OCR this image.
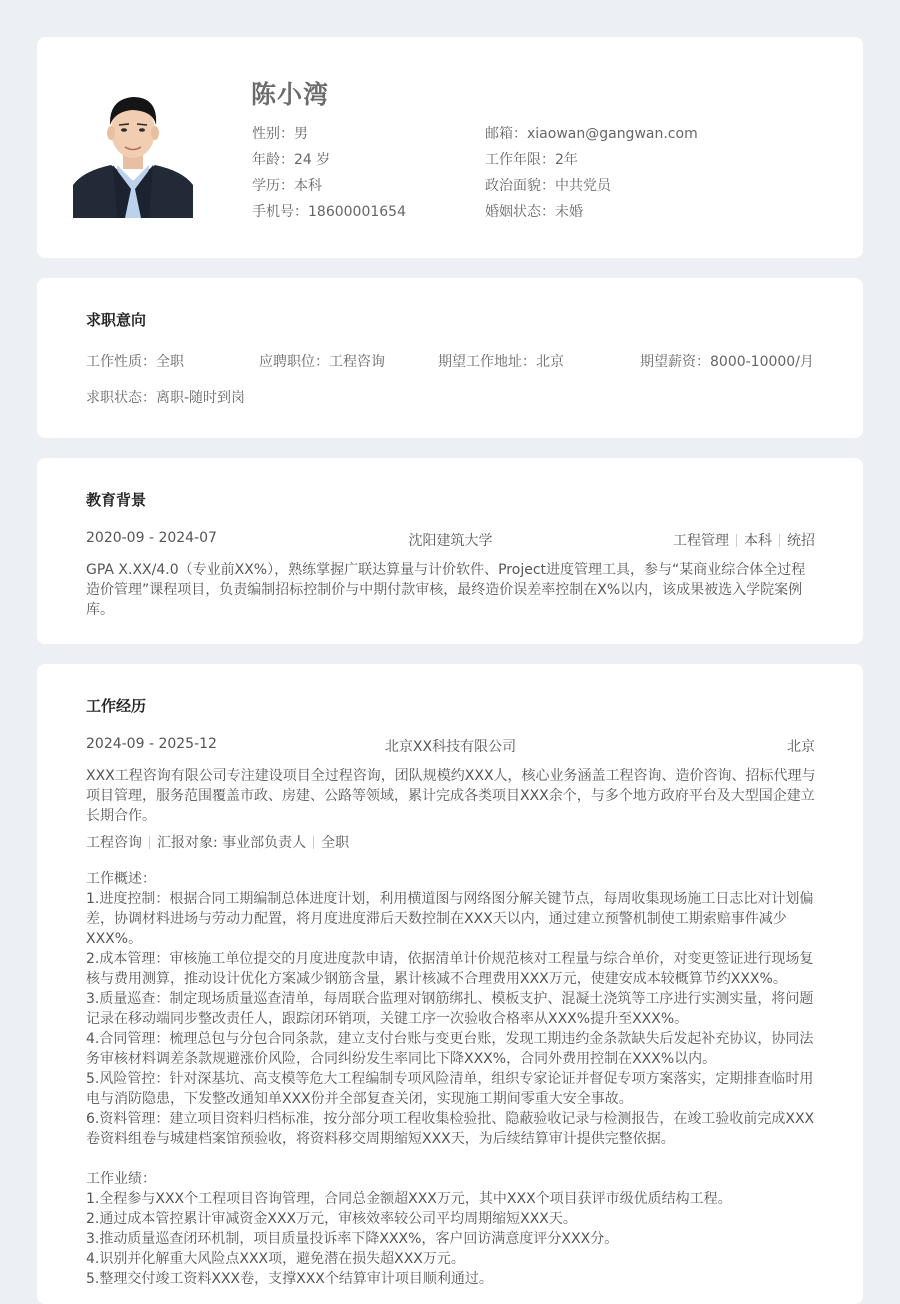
陈小湾
性别：男
年龄：24 岁
学历：本科
手机号：18600001654
邮箱：xiaowan@gangwan.com
工作年限：2年
政治面貌：中共党员
婚姻状态：未婚
求职意向
工作性质：全职	应聘职位：工程咨询	期望工作地址：北京	期望薪资：8000-10000/月
求职状态：离职-随时到岗
教育背景
2020-09 - 2024-07	沈阳建筑大学	工程管理 本科 统招
GPA X.XX/4.0（专业前XX%），熟练掌握广联达算量与计价软件、Project进度管理工具，参与“某商业综合体全过程造价管理”课程项目，负责编制招标控制价与中期付款审核，最终造价误差率控制在X%以内，该成果被选入学院案例库。
工作经历
2024-09 - 2025-12	北京XX科技有限公司	北京
XXX工程咨询有限公司专注建设项目全过程咨询，团队规模约XXX人，核心业务涵盖工程咨询、造价咨询、招标代理与项目管理，服务范围覆盖市政、房建、公路等领域，累计完成各类项目XXX余个，与多个地方政府平台及大型国企建立长期合作。
工程咨询 汇报对象: 事业部负责人 全职
工作概述：
1.进度控制：根据合同工期编制总体进度计划，利用横道图与网络图分解关键节点，每周收集现场施工日志比对计划偏差，协调材料进场与劳动力配置，将月度进度滞后天数控制在XXX天以内，通过建立预警机制使工期索赔事件减少XXX%。
2.成本管理：审核施工单位提交的月度进度款申请，依据清单计价规范核对工程量与综合单价，对变更签证进行现场复核与费用测算，推动设计优化方案减少钢筋含量，累计核减不合理费用XXX万元，使建安成本较概算节约XXX%。
3.质量巡查：制定现场质量巡查清单，每周联合监理对钢筋绑扎、模板支护、混凝土浇筑等工序进行实测实量，将问题记录在移动端同步整改责任人，跟踪闭环销项，关键工序一次验收合格率从XXX%提升至XXX%。
4.合同管理：梳理总包与分包合同条款，建立支付台账与变更台账，发现工期违约金条款缺失后发起补充协议，协同法务审核材料调差条款规避涨价风险，合同纠纷发生率同比下降XXX%，合同外费用控制在XXX%以内。
5.风险管控：针对深基坑、高支模等危大工程编制专项风险清单，组织专家论证并督促专项方案落实，定期排查临时用电与消防隐患，下发整改通知单XXX份并全部复查关闭，实现施工期间零重大安全事故。
6.资料管理：建立项目资料归档标准，按分部分项工程收集检验批、隐蔽验收记录与检测报告，在竣工验收前完成XXX卷资料组卷与城建档案馆预验收，将资料移交周期缩短XXX天，为后续结算审计提供完整依据。
工作业绩：
1.全程参与XXX个工程项目咨询管理，合同总金额超XXX万元，其中XXX个项目获评市级优质结构工程。
2.通过成本管控累计审减资金XXX万元，审核效率较公司平均周期缩短XXX天。
3.推动质量巡查闭环机制，项目质量投诉率下降XXX%，客户回访满意度评分XXX分。
4.识别并化解重大风险点XXX项，避免潜在损失超XXX万元。
5.整理交付竣工资料XXX卷，支撑XXX个结算审计项目顺利通过。
